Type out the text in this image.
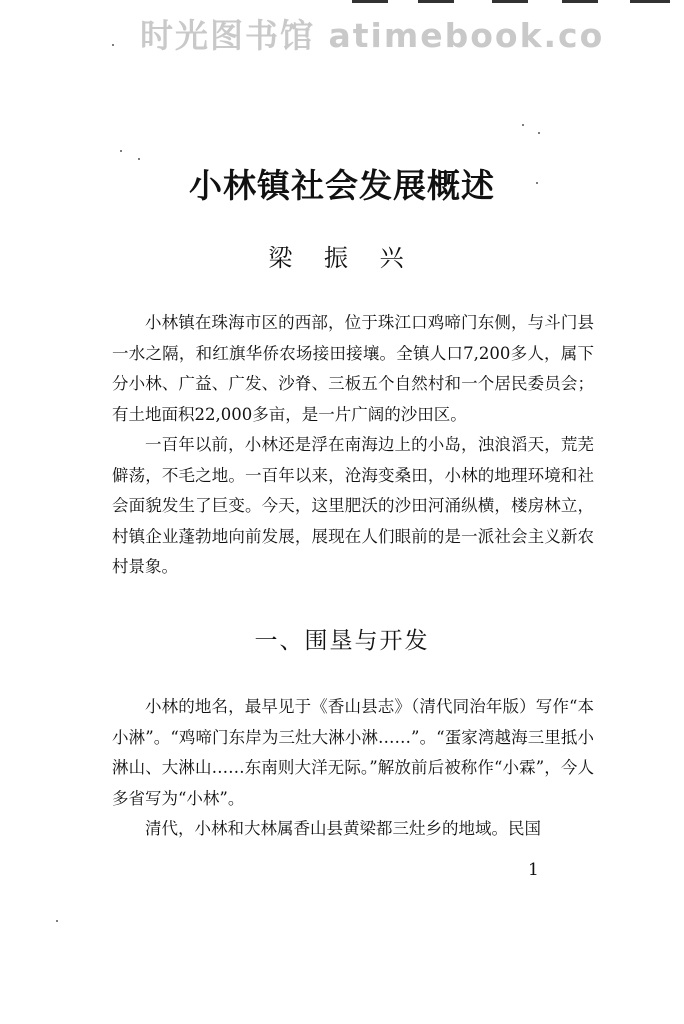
时光图书馆 atimebook.co
小林镇社会发展概述
梁 振 兴

小林镇在珠海市区的西部，位于珠江口鸡啼门东侧，与斗门县一水之隔，和红旗华侨农场接田接壤。全镇人口7,200多人，属下分小林、广益、广发、沙脊、三板五个自然村和一个居民委员会；有土地面积22,000多亩，是一片广阔的沙田区。

一百年以前，小林还是浮在南海边上的小岛，浊浪滔天，荒芜僻荡，不毛之地。一百年以来，沧海变桑田，小林的地理环境和社会面貌发生了巨变。今天，这里肥沃的沙田河涌纵横，楼房林立，村镇企业蓬勃地向前发展，展现在人们眼前的是一派社会主义新农村景象。

一、围垦与开发

小林的地名，最早见于《香山县志》（清代同治年版）写作“本小淋”。“鸡啼门东岸为三灶大淋小淋……”。“蛋家湾越海三里抵小淋山、大淋山……东南则大洋无际。”解放前后被称作“小霖”，今人多省写为“小林”。

清代，小林和大林属香山县黄梁都三灶乡的地域。民国

1
